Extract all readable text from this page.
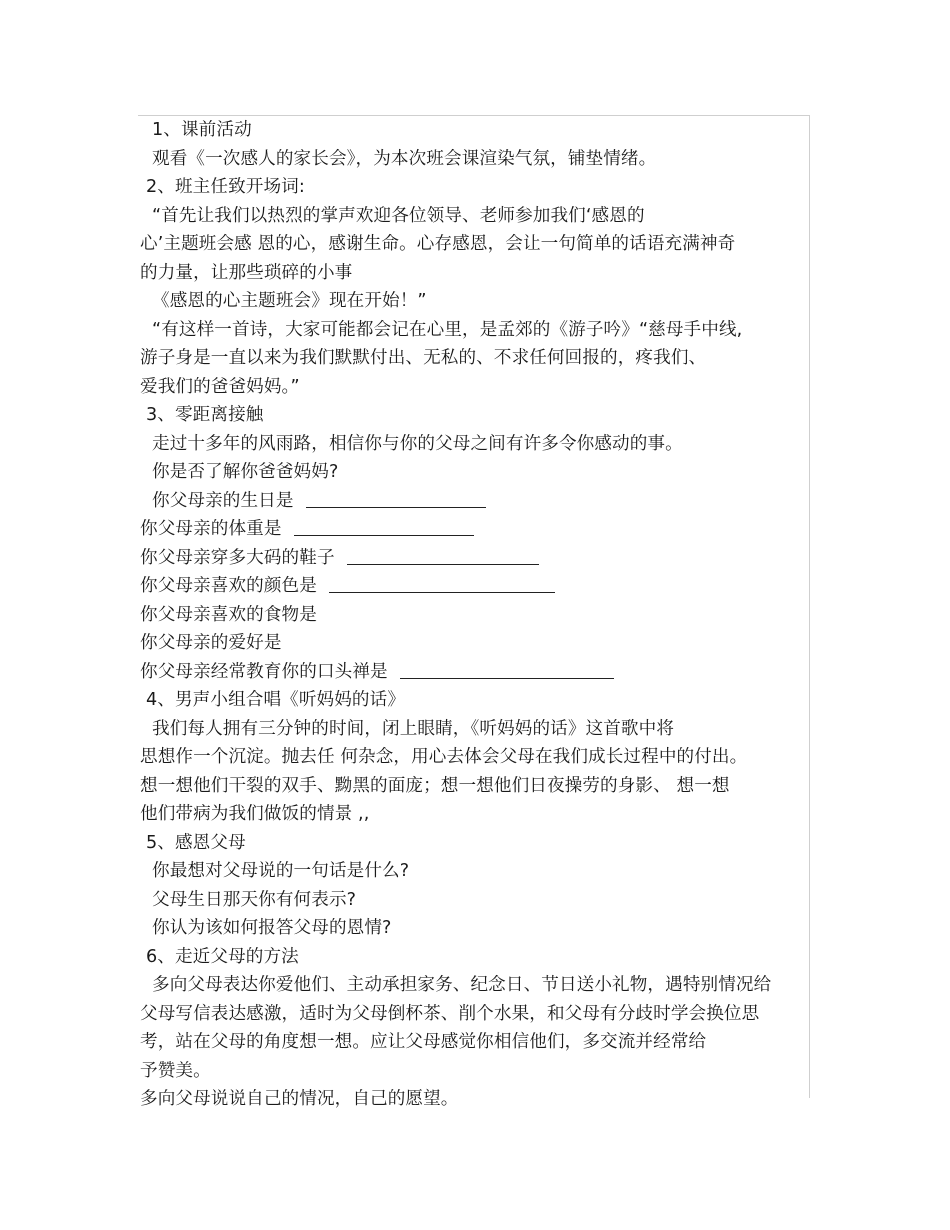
1、课前活动
观看《一次感人的家长会》，为本次班会课渲染气氛，铺垫情绪。
2、班主任致开场词:
“首先让我们以热烈的掌声欢迎各位领导、老师参加我们‘感恩的
心’主题班会感 恩的心，感谢生命。心存感恩，会让一句简单的话语充满神奇
的力量，让那些琐碎的小事
《感恩的心主题班会》现在开始！”
“有这样一首诗，大家可能都会记在心里，是孟郊的《游子吟》“慈母手中线,
游子身是一直以来为我们默默付出、无私的、不求任何回报的，疼我们、
爱我们的爸爸妈妈。”
3、零距离接触
走过十多年的风雨路，相信你与你的父母之间有许多令你感动的事。
你是否了解你爸爸妈妈?
你父母亲的生日是
你父母亲的体重是
你父母亲穿多大码的鞋子
你父母亲喜欢的颜色是
你父母亲喜欢的食物是
你父母亲的爱好是
你父母亲经常教育你的口头禅是
4、男声小组合唱《听妈妈的话》
我们每人拥有三分钟的时间，闭上眼睛，《听妈妈的话》这首歌中将
思想作一个沉淀。抛去任 何杂念，用心去体会父母在我们成长过程中的付出。
想一想他们干裂的双手、黝黑的面庞；想一想他们日夜操劳的身影、 想一想
他们带病为我们做饭的情景 ,,
5、感恩父母
你最想对父母说的一句话是什么?
父母生日那天你有何表示?
你认为该如何报答父母的恩情?
6、走近父母的方法
多向父母表达你爱他们、主动承担家务、纪念日、节日送小礼物，遇特别情况给
父母写信表达感激，适时为父母倒杯茶、削个水果，和父母有分歧时学会换位思
考，站在父母的角度想一想。应让父母感觉你相信他们，多交流并经常给
予赞美。
多向父母说说自己的情况，自己的愿望。
